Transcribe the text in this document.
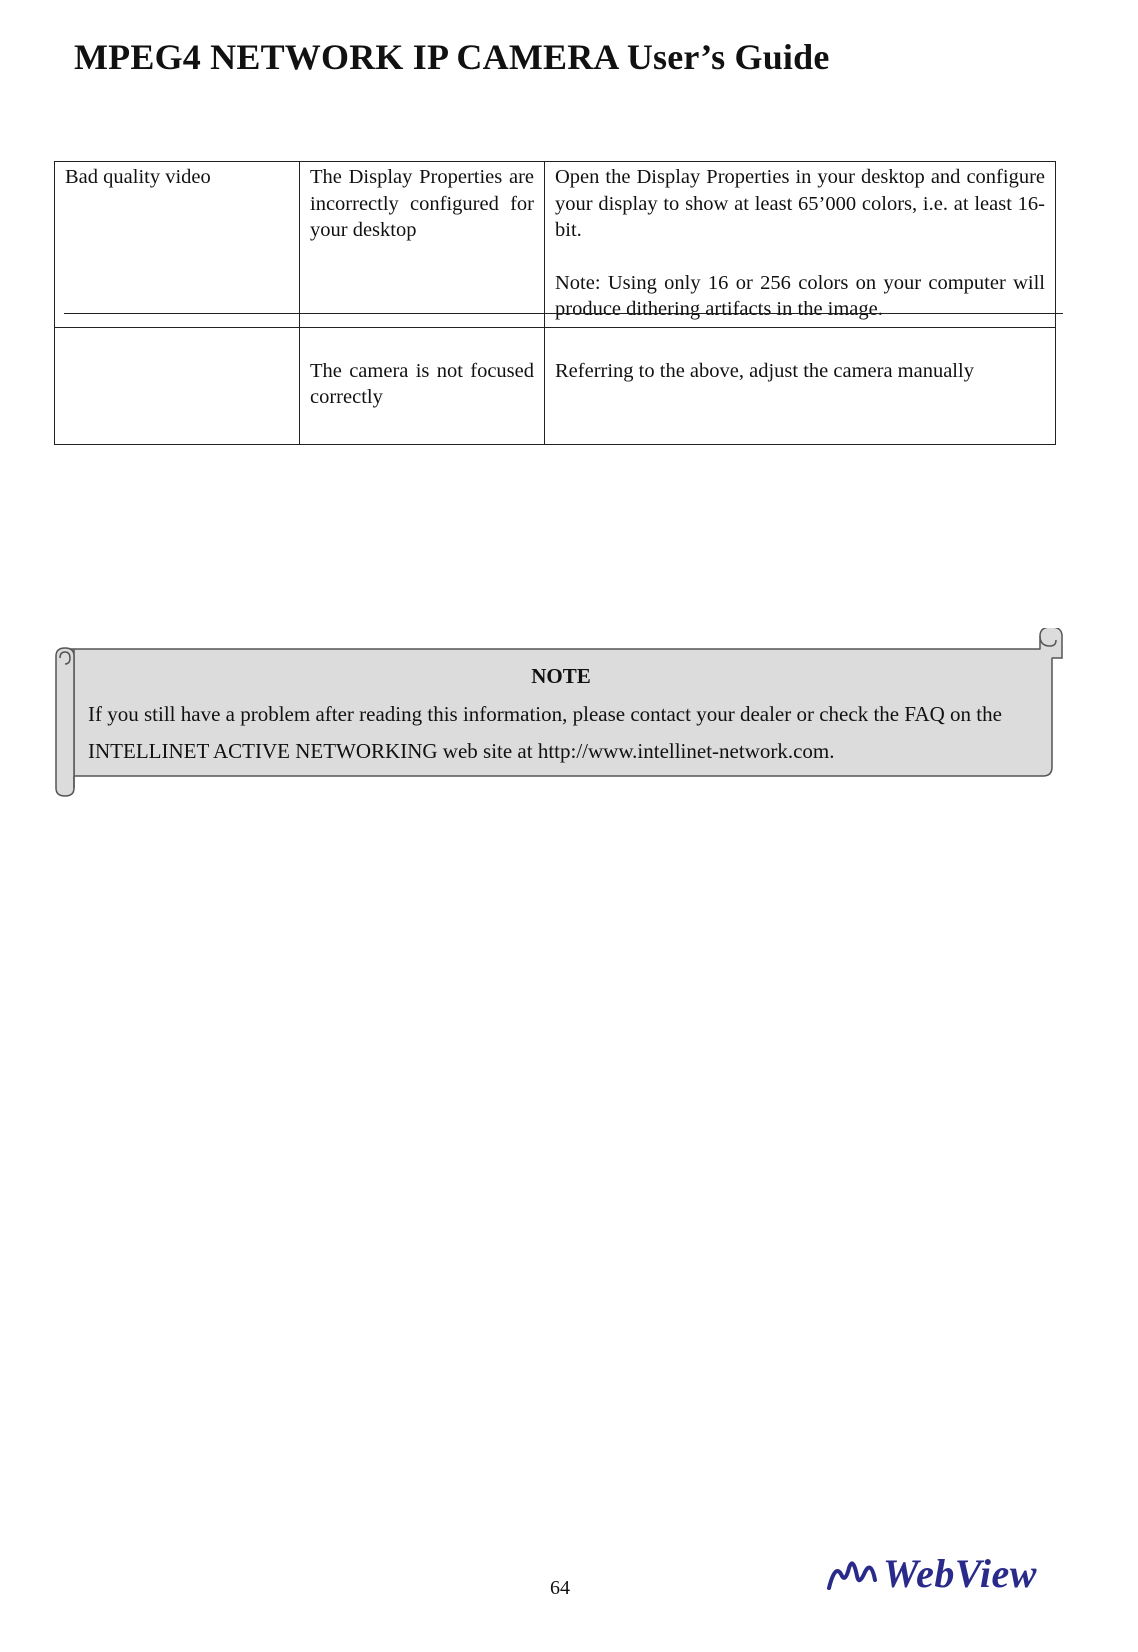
MPEG4 NETWORK IP CAMERA User’s Guide
Bad quality video	The Display Properties are incorrectly configured for your desktop	Open the Display Properties in your desktop and configure your display to show at least 65’000 colors, i.e. at least 16-bit.
Note: Using only 16 or 256 colors on your computer will produce dithering artifacts in the image.

	The camera is not focused correctly	Referring to the above, adjust the camera manually
NOTE

If you still have a problem after reading this information, please contact your dealer or check the FAQ on the INTELLINET ACTIVE NETWORKING web site at http://www.intellinet-network.com.

64	WebView
